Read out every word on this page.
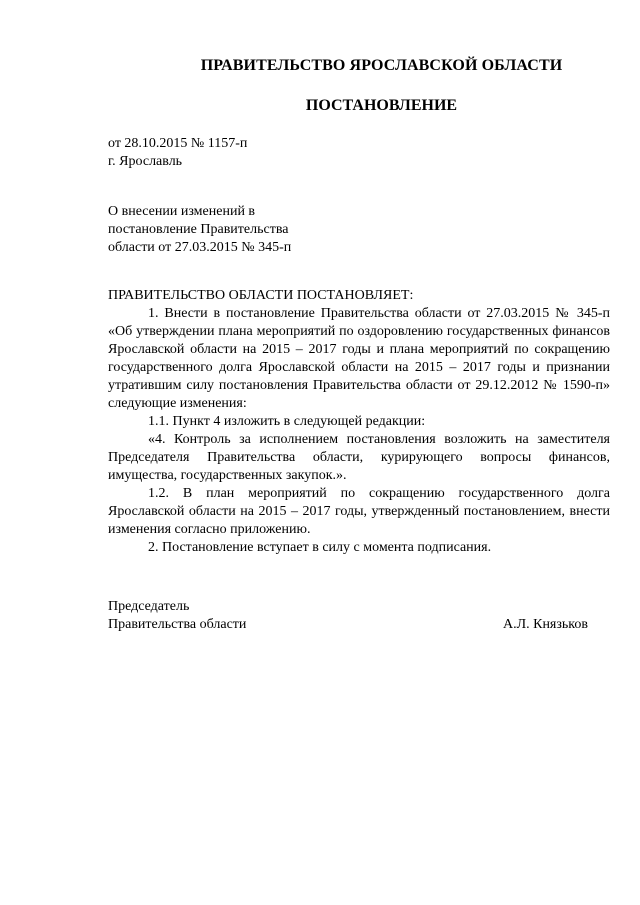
ПРАВИТЕЛЬСТВО ЯРОСЛАВСКОЙ ОБЛАСТИ
ПОСТАНОВЛЕНИЕ
от 28.10.2015 № 1157-п
г. Ярославль
О внесении изменений в
постановление Правительства
области от 27.03.2015 № 345-п
ПРАВИТЕЛЬСТВО ОБЛАСТИ ПОСТАНОВЛЯЕТ:
1. Внести в постановление Правительства области от 27.03.2015 № 345-п «Об утверждении плана мероприятий по оздоровлению государственных финансов Ярославской области на 2015 – 2017 годы и плана мероприятий по сокращению государственного долга Ярославской области на 2015 – 2017 годы и признании утратившим силу постановления Правительства области от 29.12.2012 № 1590-п» следующие изменения:
1.1. Пункт 4 изложить в следующей редакции:
«4. Контроль за исполнением постановления возложить на заместителя Председателя Правительства области, курирующего вопросы финансов, имущества, государственных закупок.».
1.2. В план мероприятий по сокращению государственного долга Ярославской области на 2015 – 2017 годы, утвержденный постановлением, внести изменения согласно приложению.
2. Постановление вступает в силу с момента подписания.
Председатель
Правительства области	А.Л. Князьков
